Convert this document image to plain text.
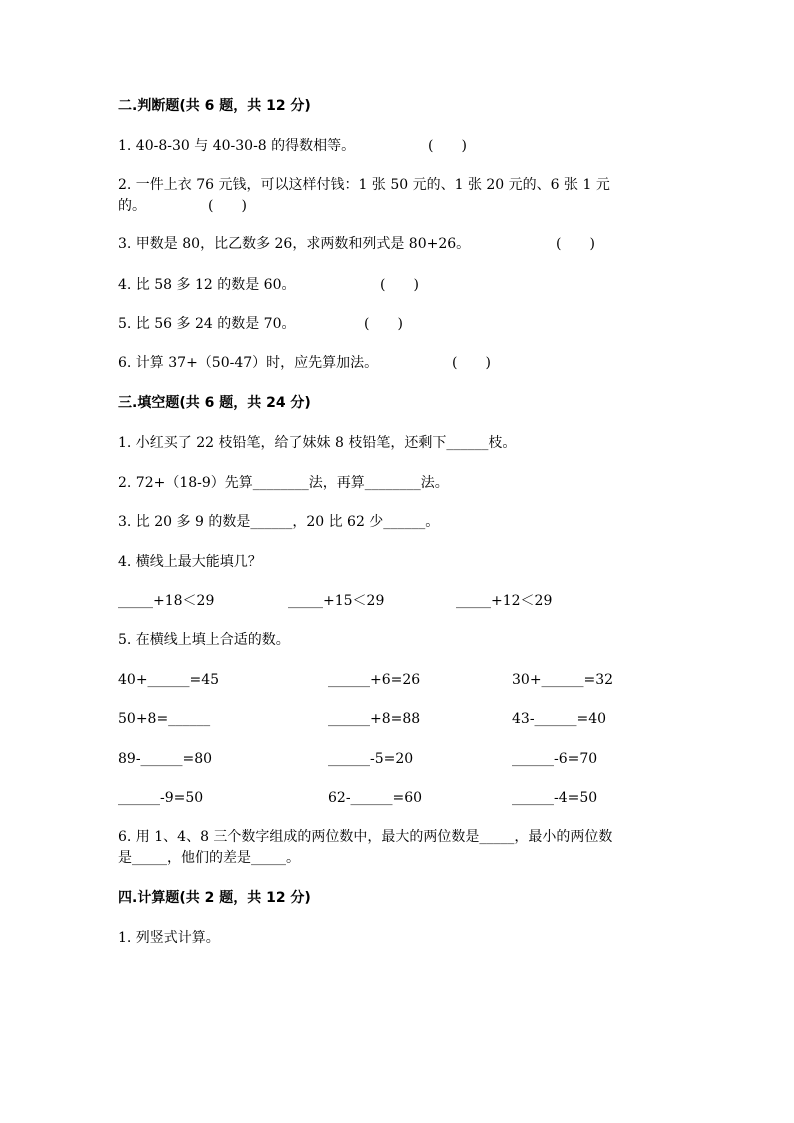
二.判断题(共 6 题，共 12 分)
1. 40-8-30 与 40-30-8 的得数相等。	(　　)
2. 一件上衣 76 元钱，可以这样付钱：1 张 50 元的、1 张 20 元的、6 张 1 元
的。	(　　)
3. 甲数是 80，比乙数多 26，求两数和列式是 80+26。	(　　)
4. 比 58 多 12 的数是 60。	(　　)
5. 比 56 多 24 的数是 70。	(　　)
6. 计算 37+（50-47）时，应先算加法。	(　　)
三.填空题(共 6 题，共 24 分)
1. 小红买了 22 枝铅笔，给了妹妹 8 枝铅笔，还剩下______枝。
2. 72+（18-9）先算________法，再算________法。
3. 比 20 多 9 的数是______，20 比 62 少______。
4. 横线上最大能填几？
_____+18＜29	_____+15＜29	_____+12＜29
5. 在横线上填上合适的数。
40+______=45	______+6=26	30+______=32
50+8=______	______+8=88	43-______=40
89-______=80	______-5=20	______-6=70
______-9=50	62-______=60	______-4=50
6. 用 1、4、8 三个数字组成的两位数中，最大的两位数是_____，最小的两位数
是_____，他们的差是_____。
四.计算题(共 2 题，共 12 分)
1. 列竖式计算。
